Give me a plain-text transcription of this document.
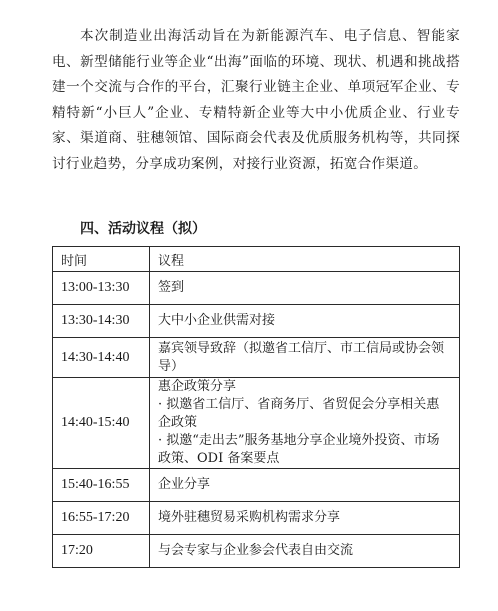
本次制造业出海活动旨在为新能源汽车、电子信息、智能家电、新型储能行业等企业“出海”面临的环境、现状、机遇和挑战搭建一个交流与合作的平台，汇聚行业链主企业、单项冠军企业、专精特新“小巨人”企业、专精特新企业等大中小优质企业、行业专家、渠道商、驻穗领馆、国际商会代表及优质服务机构等，共同探讨行业趋势，分享成功案例，对接行业资源，拓宽合作渠道。

四、活动议程（拟）
时间	议程
13:00-13:30	签到

13:30-14:30	大中小企业供需对接

14:30-14:40	嘉宾领导致辞（拟邀省工信厅、市工信局或协会领导）

14:40-15:40	惠企政策分享
· 拟邀省工信厅、省商务厅、省贸促会分享相关惠企政策
· 拟邀“走出去”服务基地分享企业境外投资、市场政策、ODI 备案要点

15:40-16:55	企业分享

16:55-17:20	境外驻穗贸易采购机构需求分享

17:20	与会专家与企业参会代表自由交流
